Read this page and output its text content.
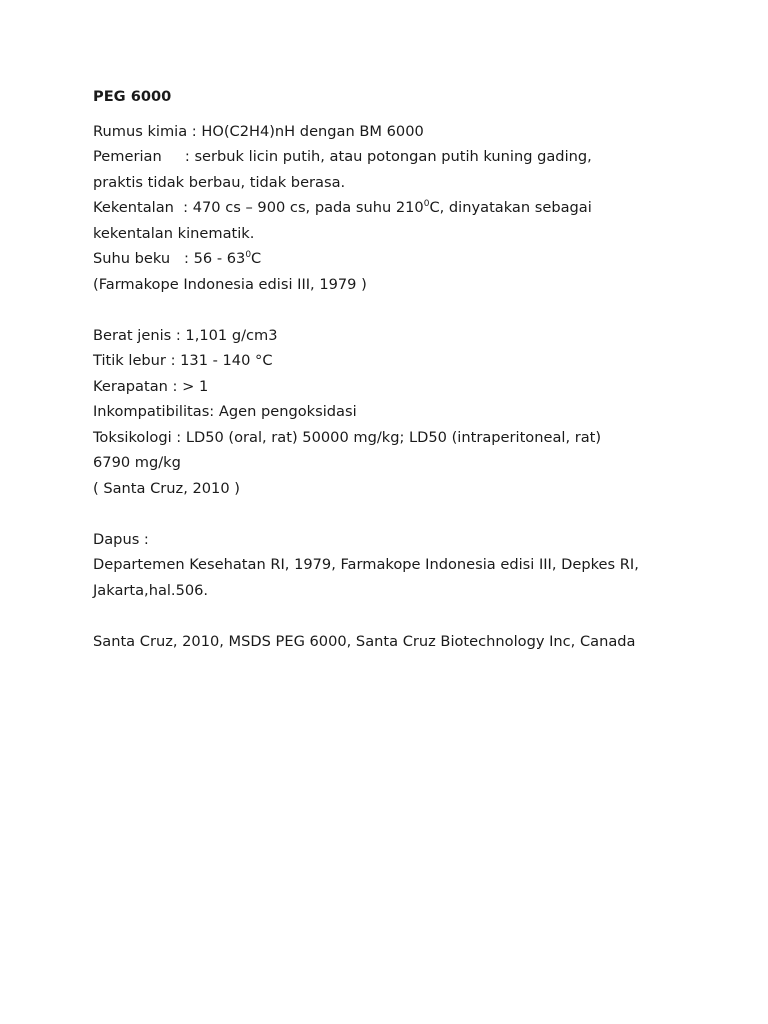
PEG 6000
Rumus kimia : HO(C2H4)nH dengan BM 6000
Pemerian     : serbuk licin putih, atau potongan putih kuning gading,
praktis tidak berbau, tidak berasa.
Kekentalan  : 470 cs – 900 cs, pada suhu $210^0C$, dinyatakan sebagai
kekentalan kinematik.
Suhu beku   : $56 - 63^0C$
(Farmakope Indonesia edisi III, 1979 )
Berat jenis : 1,101 g/cm3
Titik lebur : 131 - 140 °C
Kerapatan : > 1
Inkompatibilitas: Agen pengoksidasi
Toksikologi : LD50 (oral, rat) 50000 mg/kg; LD50 (intraperitoneal, rat)
6790 mg/kg
( Santa Cruz, 2010 )
Dapus :
Departemen Kesehatan RI, 1979, Farmakope Indonesia edisi III, Depkes RI,
Jakarta,hal.506.
Santa Cruz, 2010, MSDS PEG 6000, Santa Cruz Biotechnology Inc, Canada
